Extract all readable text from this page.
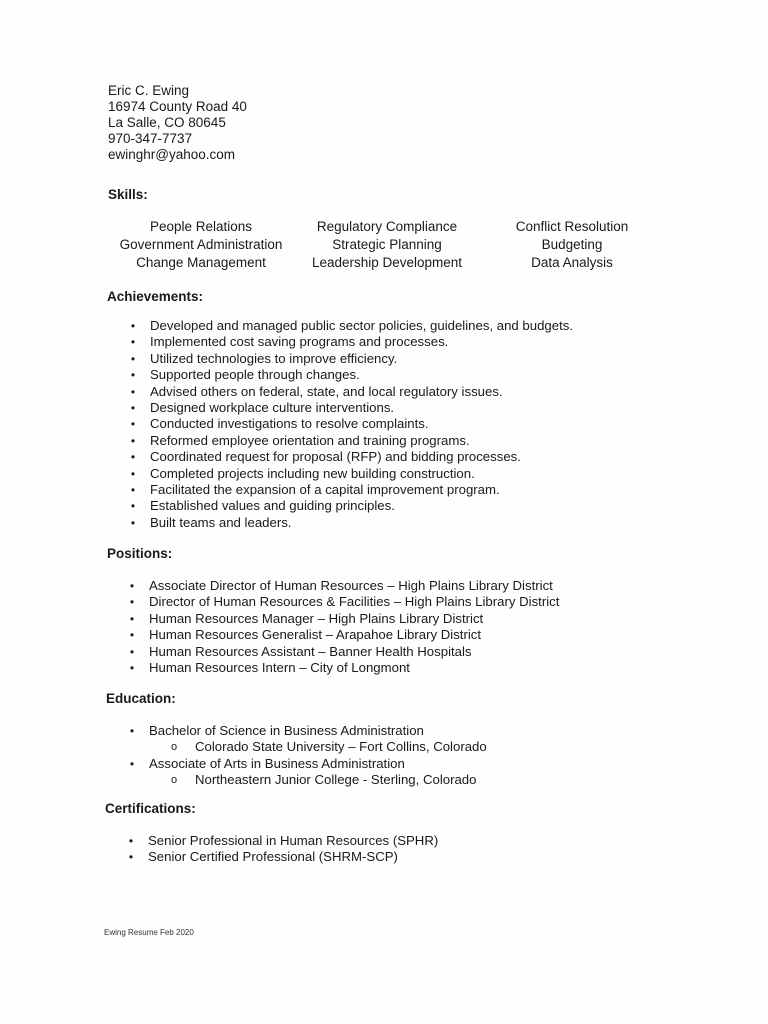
Eric C. Ewing
16974 County Road 40
La Salle, CO 80645
970-347-7737
ewinghr@yahoo.com
Skills:
People Relations
Government Administration
Change Management
Regulatory Compliance
Strategic Planning
Leadership Development
Conflict Resolution
Budgeting
Data Analysis
Achievements:
• Developed and managed public sector policies, guidelines, and budgets.
• Implemented cost saving programs and processes.
• Utilized technologies to improve efficiency.
• Supported people through changes.
• Advised others on federal, state, and local regulatory issues.
• Designed workplace culture interventions.
• Conducted investigations to resolve complaints.
• Reformed employee orientation and training programs.
• Coordinated request for proposal (RFP) and bidding processes.
• Completed projects including new building construction.
• Facilitated the expansion of a capital improvement program.
• Established values and guiding principles.
• Built teams and leaders.
Positions:
• Associate Director of Human Resources – High Plains Library District
• Director of Human Resources & Facilities – High Plains Library District
• Human Resources Manager – High Plains Library District
• Human Resources Generalist – Arapahoe Library District
• Human Resources Assistant – Banner Health Hospitals
• Human Resources Intern – City of Longmont
Education:
• Bachelor of Science in Business Administration
o Colorado State University – Fort Collins, Colorado
• Associate of Arts in Business Administration
o Northeastern Junior College - Sterling, Colorado
Certifications:
• Senior Professional in Human Resources (SPHR)
• Senior Certified Professional (SHRM-SCP)
Ewing Resume Feb 2020
